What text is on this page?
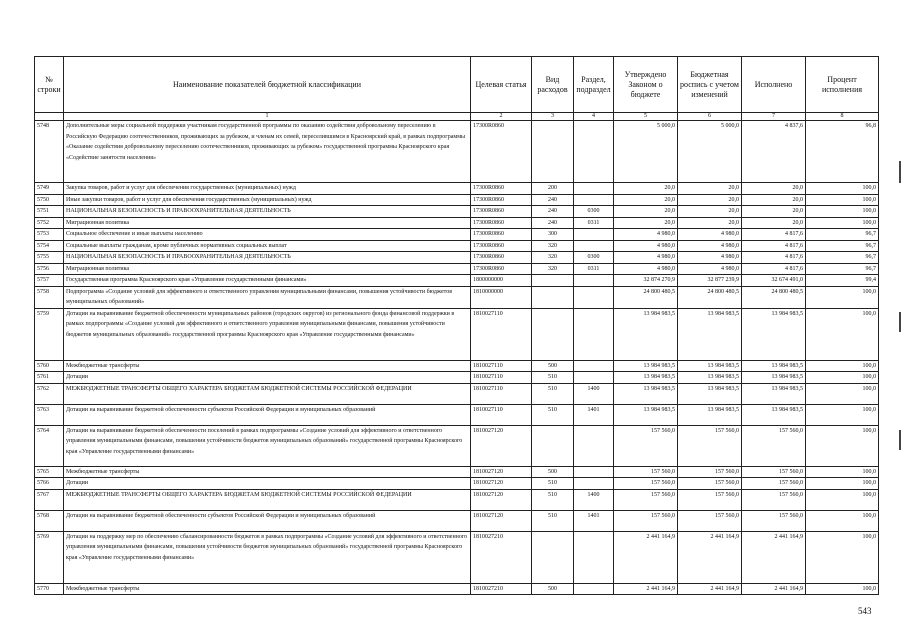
№ строки	Наименование показателей бюджетной классификации	Целевая статья	Вид расходов	Раздел, подраздел	Утверждено Законом о бюджете	Бюджетная роспись с учетом изменений	Исполнено	Процент исполнения
	1	2	3	4	5	6	7	8
5748	Дополнительные меры социальной поддержки участникам государственной программы по оказанию содействия добровольному переселению в Российскую Федерацию соотечественников, проживающих за рубежом, и членам их семей, переселившимся в Красноярский край, в рамках подпрограммы «Оказание содействия добровольному переселению соотечественников, проживающих за рубежом» государственной программы Красноярского края «Содействие занятости населения»	17300R0860			5 000,0	5 000,0	4 837,6	96,8
5749	Закупка товаров, работ и услуг для обеспечения государственных (муниципальных) нужд	17300R0860	200		20,0	20,0	20,0	100,0
5750	Иные закупки товаров, работ и услуг для обеспечения государственных (муниципальных) нужд	17300R0860	240		20,0	20,0	20,0	100,0
5751	НАЦИОНАЛЬНАЯ БЕЗОПАСНОСТЬ И ПРАВООХРАНИТЕЛЬНАЯ ДЕЯТЕЛЬНОСТЬ	17300R0860	240	0300	20,0	20,0	20,0	100,0
5752	Миграционная политика	17300R0860	240	0311	20,0	20,0	20,0	100,0
5753	Социальное обеспечение и иные выплаты населению	17300R0860	300		4 980,0	4 980,0	4 817,6	96,7
5754	Социальные выплаты гражданам, кроме публичных нормативных социальных выплат	17300R0860	320		4 980,0	4 980,0	4 817,6	96,7
5755	НАЦИОНАЛЬНАЯ БЕЗОПАСНОСТЬ И ПРАВООХРАНИТЕЛЬНАЯ ДЕЯТЕЛЬНОСТЬ	17300R0860	320	0300	4 980,0	4 980,0	4 817,6	96,7
5756	Миграционная политика	17300R0860	320	0311	4 980,0	4 980,0	4 817,6	96,7
5757	Государственная программа Красноярского края «Управление государственными финансами»	1800000000			32 874 270,9	32 877 239,9	32 674 491,0	99,4
5758	Подпрограмма «Создание условий для эффективного и ответственного управления муниципальными финансами, повышения устойчивости бюджетов муниципальных образований»	1810000000			24 800 480,5	24 800 480,5	24 800 480,5	100,0
5759	Дотации на выравнивание бюджетной обеспеченности муниципальных районов (городских округов) из регионального фонда финансовой поддержки в рамках подпрограммы «Создание условий для эффективного и ответственного управления муниципальными финансами, повышения устойчивости бюджетов муниципальных образований» государственной программы Красноярского края «Управление государственными финансами»	1810027110			13 984 983,5	13 984 983,5	13 984 983,5	100,0
5760	Межбюджетные трансферты	1810027110	500		13 984 983,5	13 984 983,5	13 984 983,5	100,0
5761	Дотации	1810027110	510		13 984 983,5	13 984 983,5	13 984 983,5	100,0
5762	МЕЖБЮДЖЕТНЫЕ ТРАНСФЕРТЫ ОБЩЕГО ХАРАКТЕРА БЮДЖЕТАМ БЮДЖЕТНОЙ СИСТЕМЫ РОССИЙСКОЙ ФЕДЕРАЦИИ	1810027110	510	1400	13 984 983,5	13 984 983,5	13 984 983,5	100,0
5763	Дотации на выравнивание бюджетной обеспеченности субъектов Российской Федерации и муниципальных образований	1810027110	510	1401	13 984 983,5	13 984 983,5	13 984 983,5	100,0
5764	Дотации на выравнивание бюджетной обеспеченности поселений в рамках подпрограммы «Создание условий для эффективного и ответственного управления муниципальными финансами, повышения устойчивости бюджетов муниципальных образований» государственной программы Красноярского края «Управление государственными финансами»	1810027120			157 560,0	157 560,0	157 560,0	100,0
5765	Межбюджетные трансферты	1810027120	500		157 560,0	157 560,0	157 560,0	100,0
5766	Дотации	1810027120	510		157 560,0	157 560,0	157 560,0	100,0
5767	МЕЖБЮДЖЕТНЫЕ ТРАНСФЕРТЫ ОБЩЕГО ХАРАКТЕРА БЮДЖЕТАМ БЮДЖЕТНОЙ СИСТЕМЫ РОССИЙСКОЙ ФЕДЕРАЦИИ	1810027120	510	1400	157 560,0	157 560,0	157 560,0	100,0
5768	Дотации на выравнивание бюджетной обеспеченности субъектов Российской Федерации и муниципальных образований	1810027120	510	1401	157 560,0	157 560,0	157 560,0	100,0
5769	Дотации на поддержку мер по обеспечению сбалансированности бюджетов в рамках подпрограммы «Создание условий для эффективного и ответственного управления муниципальными финансами, повышения устойчивости бюджетов муниципальных образований» государственной программы Красноярского края «Управление государственными финансами»	1810027210			2 441 164,9	2 441 164,9	2 441 164,9	100,0
5770	Межбюджетные трансферты	1810027210	500		2 441 164,9	2 441 164,9	2 441 164,9	100,0
543
